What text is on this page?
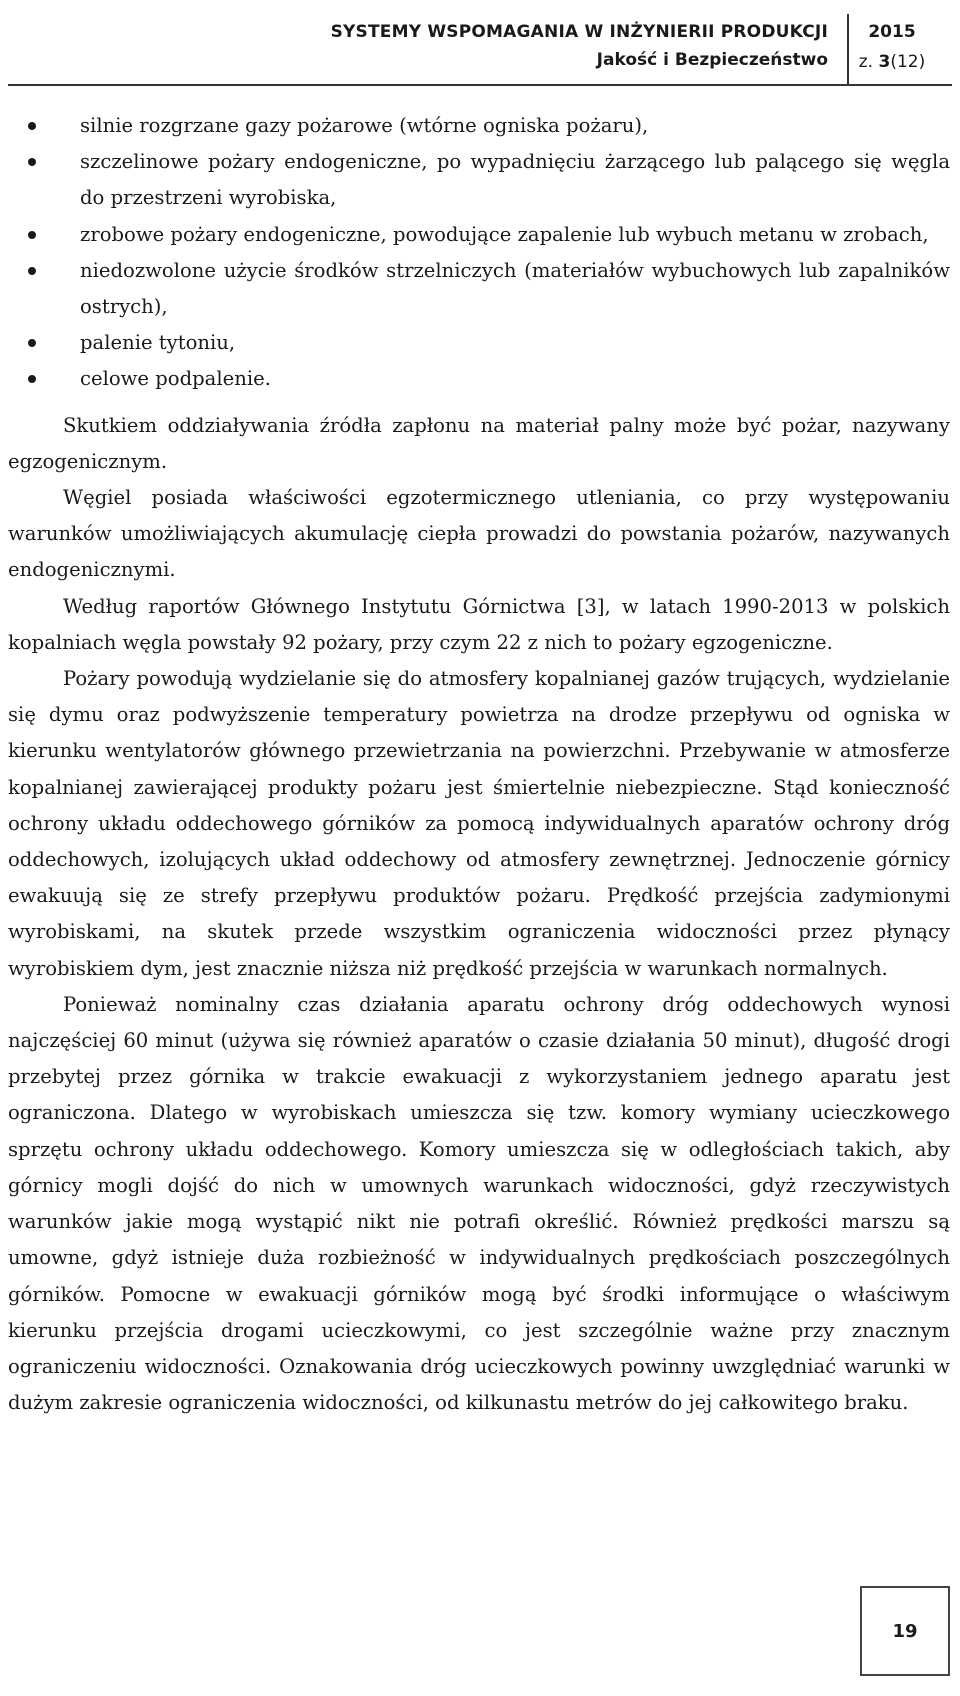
SYSTEMY WSPOMAGANIA W INŻYNIERII PRODUKCJI	2015
Jakość i Bezpieczeństwo	z. 3(12)
silnie rozgrzane gazy pożarowe (wtórne ogniska pożaru),
szczelinowe pożary endogeniczne, po wypadnięciu żarzącego lub palącego się węgla do przestrzeni wyrobiska,
zrobowe pożary endogeniczne, powodujące zapalenie lub wybuch metanu w zrobach,
niedozwolone użycie środków strzelniczych (materiałów wybuchowych lub zapalników ostrych),
palenie tytoniu,
celowe podpalenie.

Skutkiem oddziaływania źródła zapłonu na materiał palny może być pożar, nazywany egzogenicznym.

Węgiel posiada właściwości egzotermicznego utleniania, co przy występowaniu warunków umożliwiających akumulację ciepła prowadzi do powstania pożarów, nazywanych endogenicznymi.

Według raportów Głównego Instytutu Górnictwa [3], w latach 1990-2013 w polskich kopalniach węgla powstały 92 pożary, przy czym 22 z nich to pożary egzogeniczne.

Pożary powodują wydzielanie się do atmosfery kopalnianej gazów trujących, wydzielanie się dymu oraz podwyższenie temperatury powietrza na drodze przepływu od ogniska w kierunku wentylatorów głównego przewietrzania na powierzchni. Przebywanie w atmosferze kopalnianej zawierającej produkty pożaru jest śmiertelnie niebezpieczne. Stąd konieczność ochrony układu oddechowego górników za pomocą indywidualnych aparatów ochrony dróg oddechowych, izolujących układ oddechowy od atmosfery zewnętrznej. Jednoczenie górnicy ewakuują się ze strefy przepływu produktów pożaru. Prędkość przejścia zadymionymi wyrobiskami, na skutek przede wszystkim ograniczenia widoczności przez płynący wyrobiskiem dym, jest znacznie niższa niż prędkość przejścia w warunkach normalnych.

Ponieważ nominalny czas działania aparatu ochrony dróg oddechowych wynosi najczęściej 60 minut (używa się również aparatów o czasie działania 50 minut), długość drogi przebytej przez górnika w trakcie ewakuacji z wykorzystaniem jednego aparatu jest ograniczona. Dlatego w wyrobiskach umieszcza się tzw. komory wymiany ucieczkowego sprzętu ochrony układu oddechowego. Komory umieszcza się w odległościach takich, aby górnicy mogli dojść do nich w umownych warunkach widoczności, gdyż rzeczywistych warunków jakie mogą wystąpić nikt nie potrafi określić. Również prędkości marszu są umowne, gdyż istnieje duża rozbieżność w indywidualnych prędkościach poszczególnych górników. Pomocne w ewakuacji górników mogą być środki informujące o właściwym kierunku przejścia drogami ucieczkowymi, co jest szczególnie ważne przy znacznym ograniczeniu widoczności. Oznakowania dróg ucieczkowych powinny uwzględniać warunki w dużym zakresie ograniczenia widoczności, od kilkunastu metrów do jej całkowitego braku.

19
